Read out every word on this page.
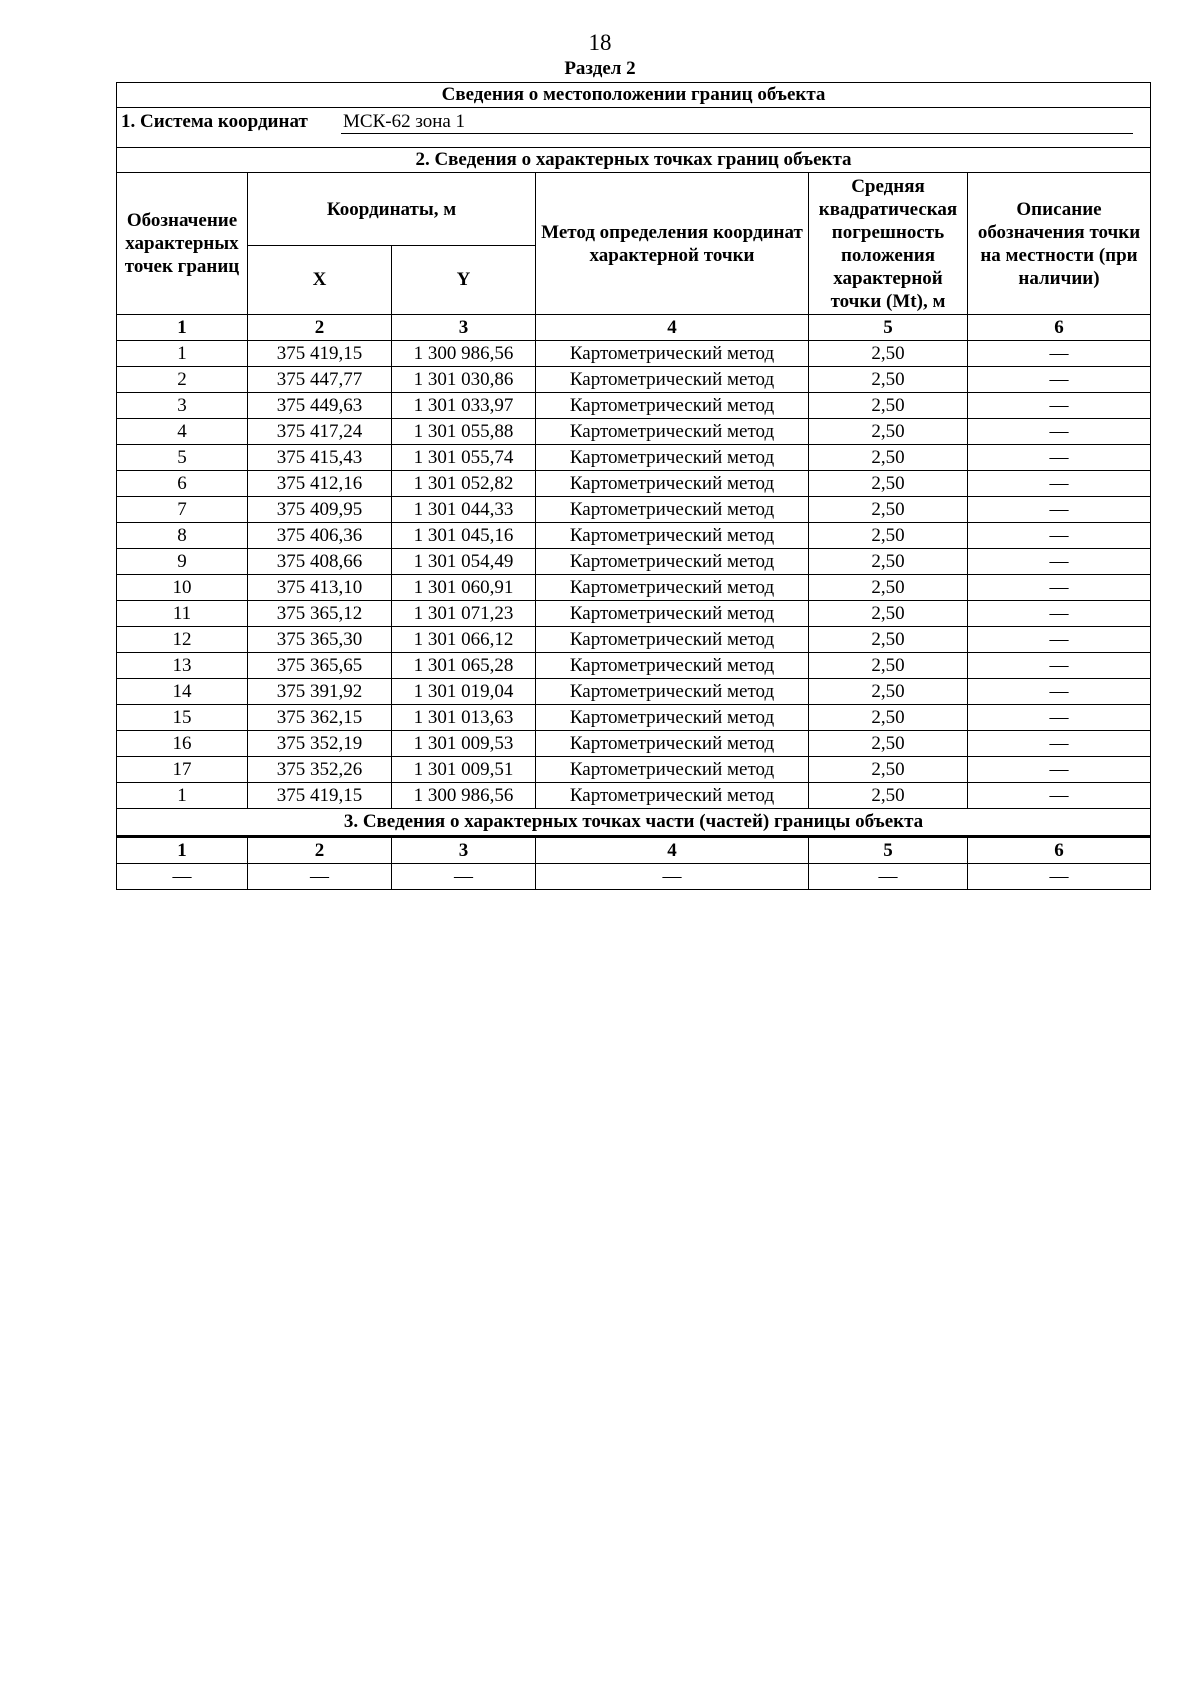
18
Раздел 2
Сведения о местоположении границ объекта					
1. Система координат МСК-62 зона 1					
2. Сведения о характерных точках границ объекта					
Обозначение характерных точек границ	Координаты, м		Метод определения координат характерной точки	Средняя квадратическая погрешность положения характерной точки (Mt), м	Описание обозначения точки на местности (при наличии)
	X	Y			
1	2	3	4	5	6
1	375 419,15	1 300 986,56	Картометрический метод	2,50	—
2	375 447,77	1 301 030,86	Картометрический метод	2,50	—
3	375 449,63	1 301 033,97	Картометрический метод	2,50	—
4	375 417,24	1 301 055,88	Картометрический метод	2,50	—
5	375 415,43	1 301 055,74	Картометрический метод	2,50	—
6	375 412,16	1 301 052,82	Картометрический метод	2,50	—
7	375 409,95	1 301 044,33	Картометрический метод	2,50	—
8	375 406,36	1 301 045,16	Картометрический метод	2,50	—
9	375 408,66	1 301 054,49	Картометрический метод	2,50	—
10	375 413,10	1 301 060,91	Картометрический метод	2,50	—
11	375 365,12	1 301 071,23	Картометрический метод	2,50	—
12	375 365,30	1 301 066,12	Картометрический метод	2,50	—
13	375 365,65	1 301 065,28	Картометрический метод	2,50	—
14	375 391,92	1 301 019,04	Картометрический метод	2,50	—
15	375 362,15	1 301 013,63	Картометрический метод	2,50	—
16	375 352,19	1 301 009,53	Картометрический метод	2,50	—
17	375 352,26	1 301 009,51	Картометрический метод	2,50	—
1	375 419,15	1 300 986,56	Картометрический метод	2,50	—
3. Сведения о характерных точках части (частей) границы объекта					
1	2	3	4	5	6
—	—	—	—	—	—
